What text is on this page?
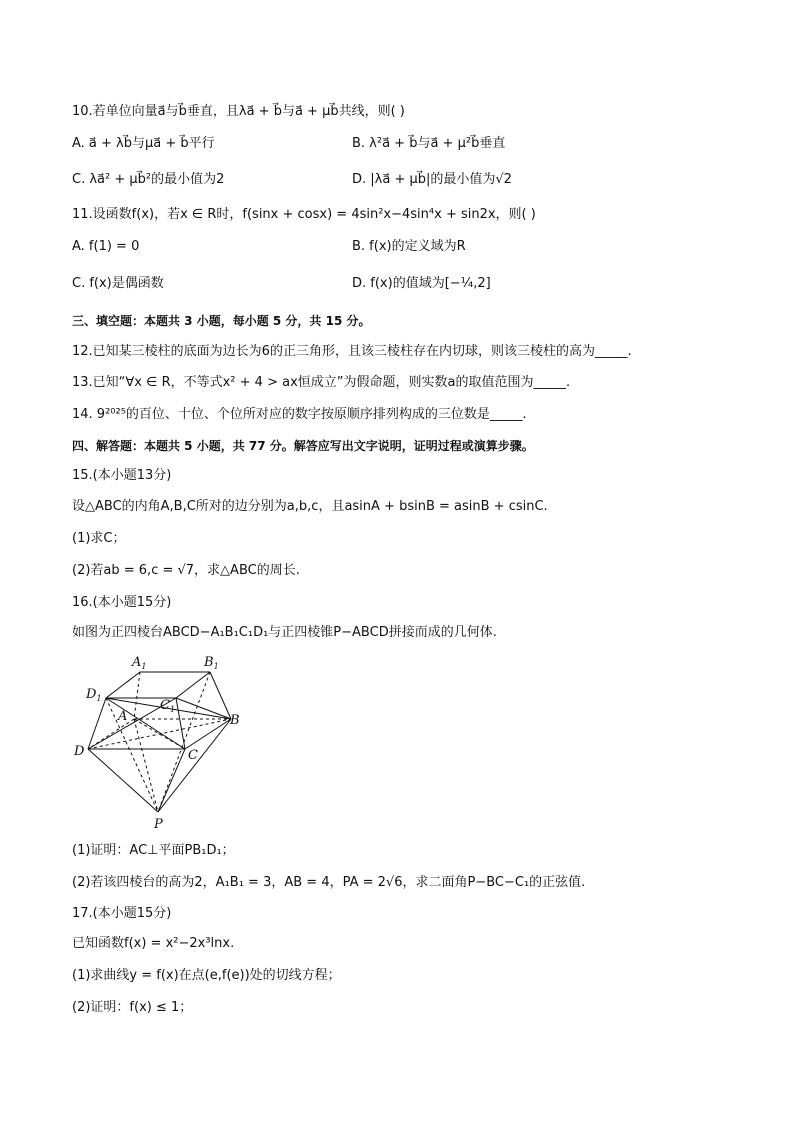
10.若单位向量a⃗与b⃗垂直，且λa⃗ + b⃗与a⃗ + μb⃗共线，则( )
A. a⃗ + λb⃗与μa⃗ + b⃗平行	B. λ²a⃗ + b⃗与a⃗ + μ²b⃗垂直
C. λa⃗² + μb⃗²的最小值为2	D. |λa⃗ + μb⃗|的最小值为√2
11.设函数f(x)，若x ∈ R时，f(sinx + cosx) = 4sin²x−4sin⁴x + sin2x，则( )
A. f(1) = 0	B. f(x)的定义域为R
C. f(x)是偶函数	D. f(x)的值域为[−¼,2]
三、填空题：本题共 3 小题，每小题 5 分，共 15 分。
12.已知某三棱柱的底面为边长为6的正三角形，且该三棱柱存在内切球，则该三棱柱的高为_____.
13.已知“∀x ∈ R，不等式x² + 4 > ax恒成立”为假命题，则实数a的取值范围为_____.
14. 9²⁰²⁵的百位、十位、个位所对应的数字按原顺序排列构成的三位数是_____.
四、解答题：本题共 5 小题，共 77 分。解答应写出文字说明，证明过程或演算步骤。
15.(本小题13分)
设△ABC的内角A,B,C所对的边分别为a,b,c，且asinA + bsinB = asinB + csinC.
(1)求C；
(2)若ab = 6,c = √7，求△ABC的周长.
16.(本小题15分)
如图为正四棱台ABCD−A₁B₁C₁D₁与正四棱锥P−ABCD拼接而成的几何体.
$A_1$	$B_1$
$D_1$	$C_1$
A	B
C
D
P
(1)证明：AC⊥平面PB₁D₁；
(2)若该四棱台的高为2，A₁B₁ = 3，AB = 4，PA = 2√6，求二面角P−BC−C₁的正弦值.
17.(本小题15分)
已知函数f(x) = x²−2x³lnx.
(1)求曲线y = f(x)在点(e,f(e))处的切线方程；
(2)证明：f(x) ≤ 1；
